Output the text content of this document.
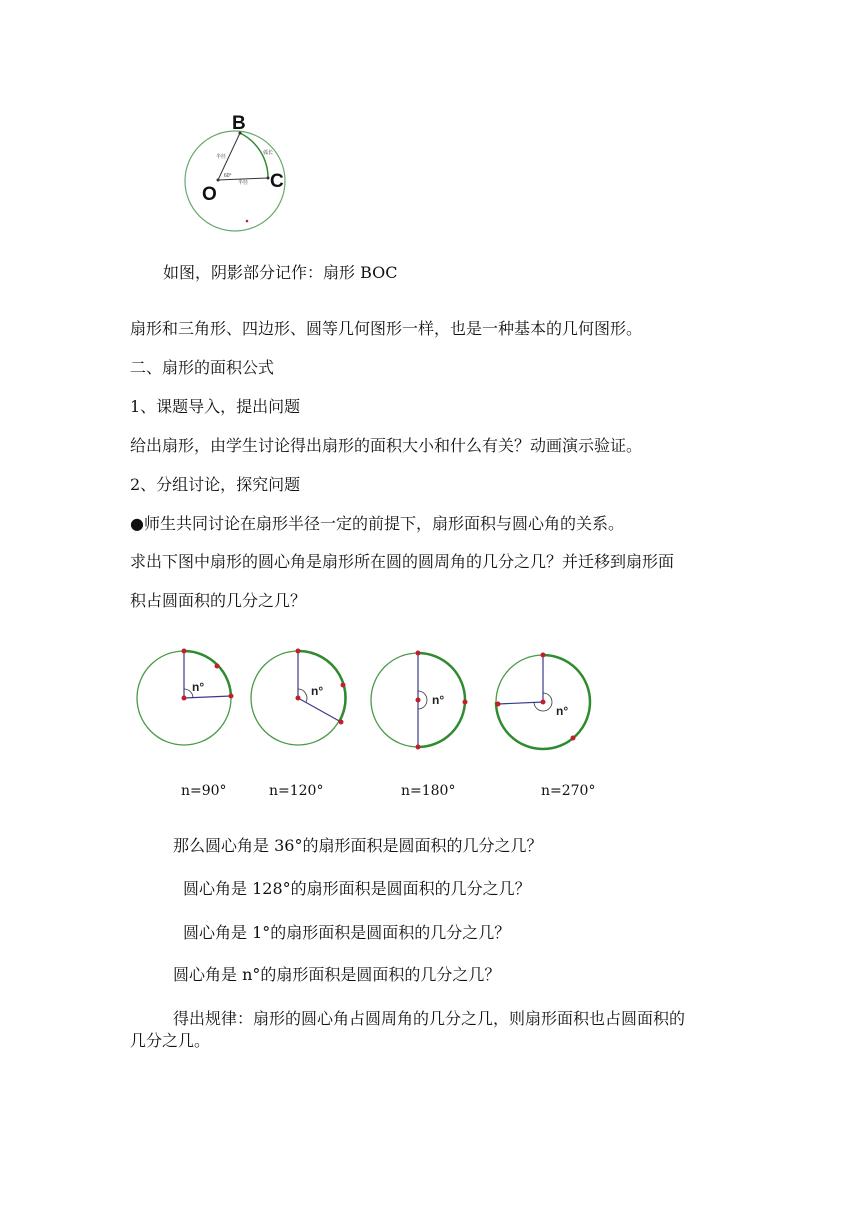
B
O
C
半径
半径
弧长
60°
如图，阴影部分记作：扇形 BOC
扇形和三角形、四边形、圆等几何图形一样，也是一种基本的几何图形。
二、扇形的面积公式
1、课题导入，提出问题
给出扇形，由学生讨论得出扇形的面积大小和什么有关？动画演示验证。
2、分组讨论，探究问题
●师生共同讨论在扇形半径一定的前提下，扇形面积与圆心角的关系。
求出下图中扇形的圆心角是扇形所在圆的圆周角的几分之几？并迁移到扇形面
积占圆面积的几分之几？
n°	n°
n°
n°
n=90°	n=120°	n=180°	n=270°
那么圆心角是 36°的扇形面积是圆面积的几分之几？
圆心角是 128°的扇形面积是圆面积的几分之几？
圆心角是 1°的扇形面积是圆面积的几分之几？
圆心角是 n°的扇形面积是圆面积的几分之几？
得出规律：扇形的圆心角占圆周角的几分之几，则扇形面积也占圆面积的
几分之几。
